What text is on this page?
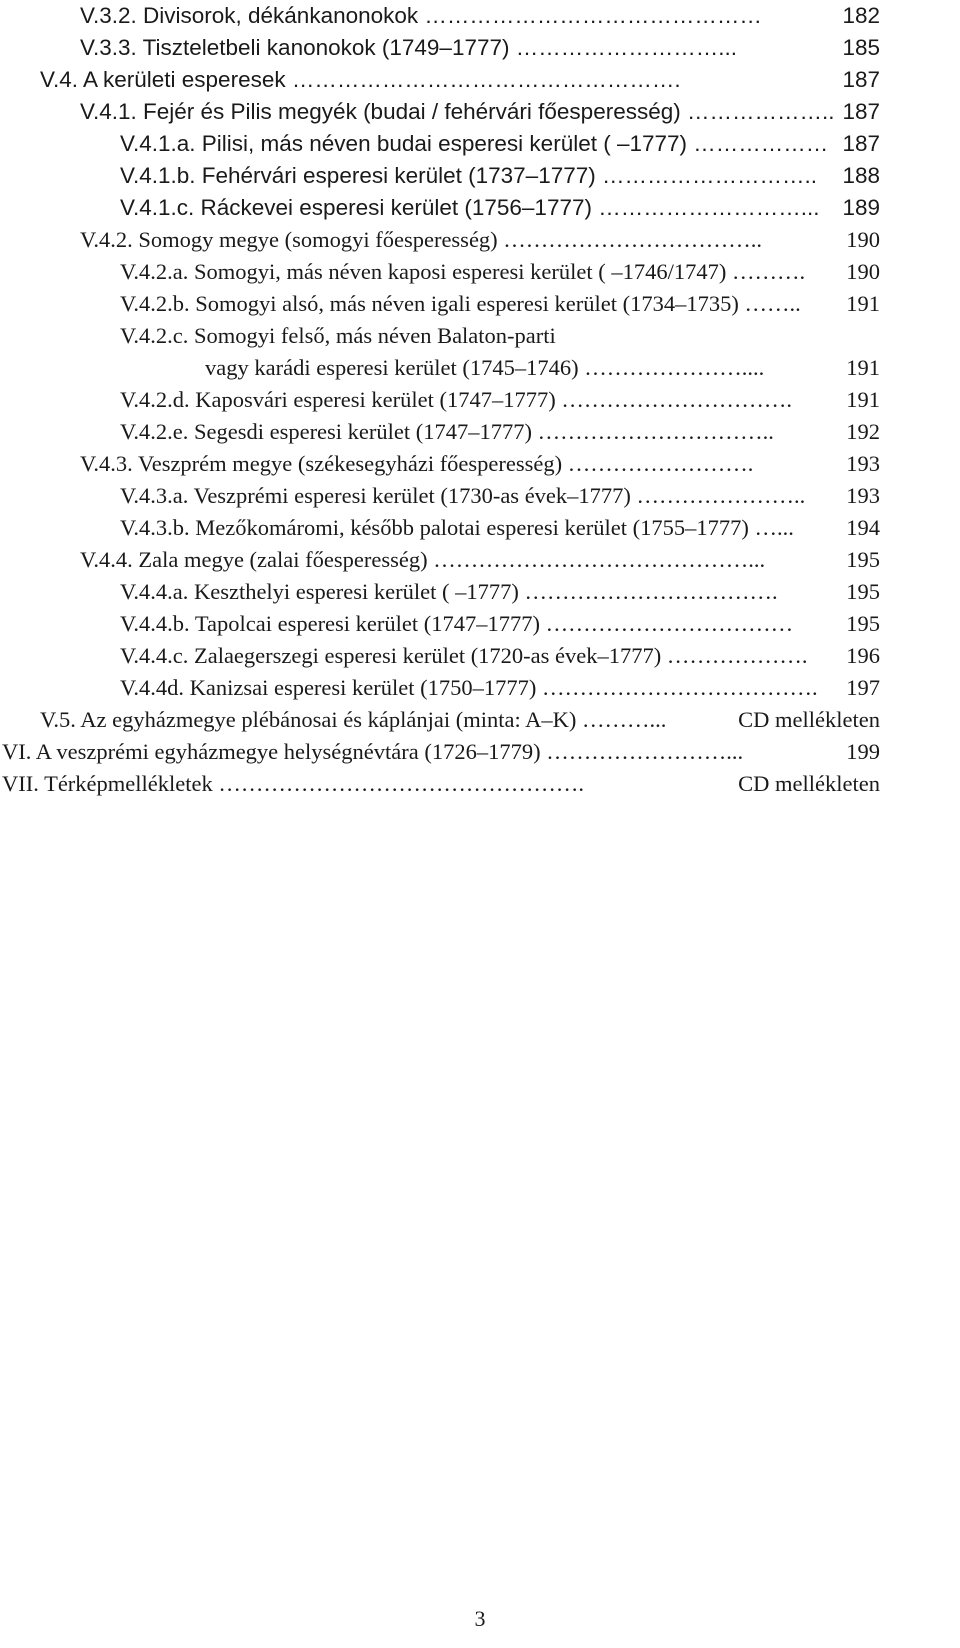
V.3.2. Divisorok, dékánkanonokok ………………………………………	182
V.3.3. Tiszteletbeli kanonokok (1749–1777) ………………………...	185
V.4. A kerületi esperesek …………………………………………….	187
V.4.1. Fejér és Pilis megyék (budai / fehérvári főesperesség) ……………….. 187
V.4.1.a. Pilisi, más néven budai esperesi kerület ( –1777) ……………… 187
V.4.1.b. Fehérvári esperesi kerület (1737–1777) ……………………….. 188
V.4.1.c. Ráckevei esperesi kerület (1756–1777) ………………………... 189
V.4.2. Somogy megye (somogyi főesperesség) ……………………………..	190
V.4.2.a. Somogyi, más néven kaposi esperesi kerület ( –1746/1747) ………. 190
V.4.2.b. Somogyi alsó, más néven igali esperesi kerület (1734–1735) …….. 191
V.4.2.c. Somogyi felső, más néven Balaton-parti
vagy karádi esperesi kerület (1745–1746) …………………....	191
V.4.2.d. Kaposvári esperesi kerület (1747–1777) …………………………. 191
V.4.2.e. Segesdi esperesi kerület (1747–1777) …………………………..	192
V.4.3. Veszprém megye (székesegyházi főesperesség) …………………….	193
V.4.3.a. Veszprémi esperesi kerület (1730-as évek–1777) ………………….. 193
V.4.3.b. Mezőkomáromi, később palotai esperesi kerület (1755–1777) …... 194
V.4.4. Zala megye (zalai főesperesség) ……………………………………...	195
V.4.4.a. Keszthelyi esperesi kerület ( –1777) …………………………….	195
V.4.4.b. Tapolcai esperesi kerület (1747–1777) …………………………… 195
V.4.4.c. Zalaegerszegi esperesi kerület (1720-as évek–1777) ………………. 196
V.4.4d. Kanizsai esperesi kerület (1750–1777) ………………………………. 197
V.5. Az egyházmegye plébánosai és káplánjai (minta: A–K) ………...	CD mellékleten
VI. A veszprémi egyházmegye helységnévtára (1726–1779) ……………………...	199
VII. Térképmellékletek ………………………………………….	CD mellékleten
3
